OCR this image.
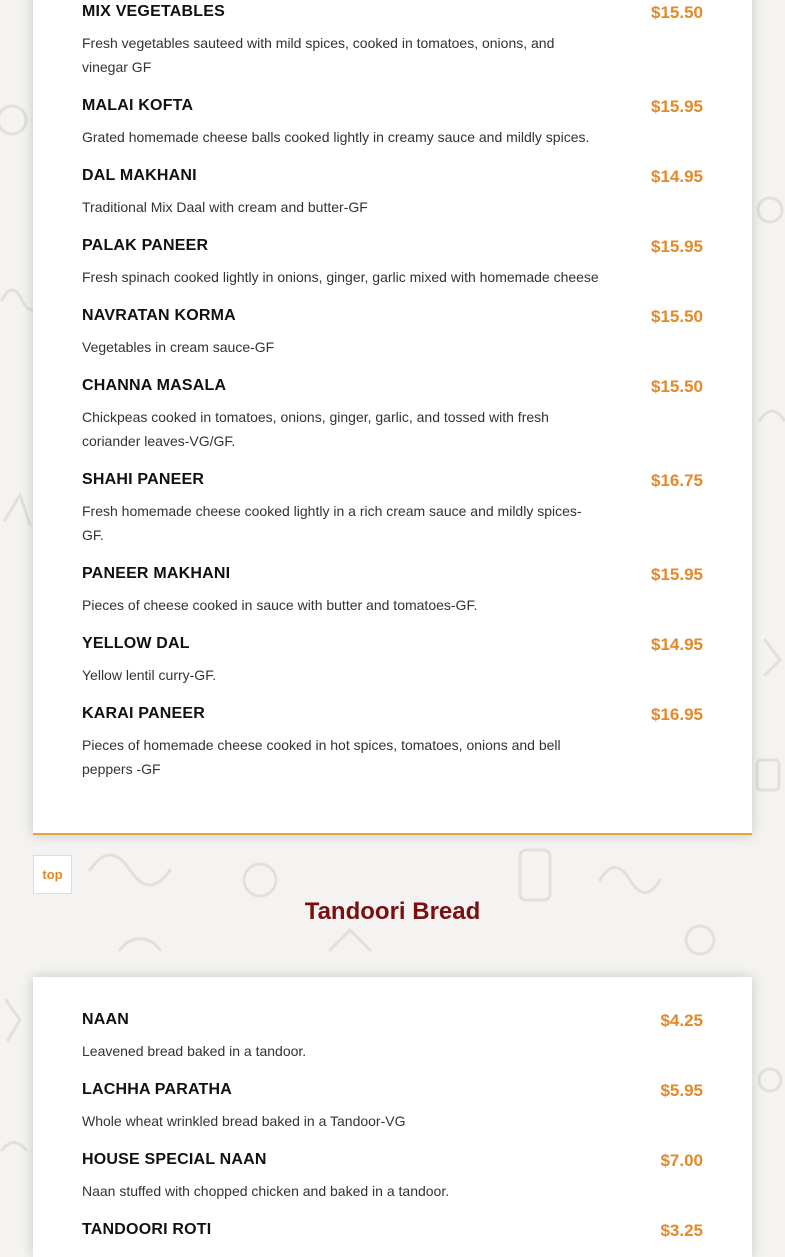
MIX VEGETABLES	$15.50
Fresh vegetables sauteed with mild spices, cooked in tomatoes, onions, and vinegar GF
MALAI KOFTA	$15.95
Grated homemade cheese balls cooked lightly in creamy sauce and mildly spices.
DAL MAKHANI	$14.95
Traditional Mix Daal with cream and butter-GF
PALAK PANEER	$15.95
Fresh spinach cooked lightly in onions, ginger, garlic mixed with homemade cheese
NAVRATAN KORMA	$15.50
Vegetables in cream sauce-GF
CHANNA MASALA	$15.50
Chickpeas cooked in tomatoes, onions, ginger, garlic, and tossed with fresh coriander leaves-VG/GF.
SHAHI PANEER	$16.75
Fresh homemade cheese cooked lightly in a rich cream sauce and mildly spices-GF.
PANEER MAKHANI	$15.95
Pieces of cheese cooked in sauce with butter and tomatoes-GF.
YELLOW DAL	$14.95
Yellow lentil curry-GF.
KARAI PANEER	$16.95
Pieces of homemade cheese cooked in hot spices, tomatoes, onions and bell peppers -GF
top
Tandoori Bread
NAAN	$4.25
Leavened bread baked in a tandoor.
LACHHA PARATHA	$5.95
Whole wheat wrinkled bread baked in a Tandoor-VG
HOUSE SPECIAL NAAN	$7.00
Naan stuffed with chopped chicken and baked in a tandoor.
TANDOORI ROTI	$3.25
